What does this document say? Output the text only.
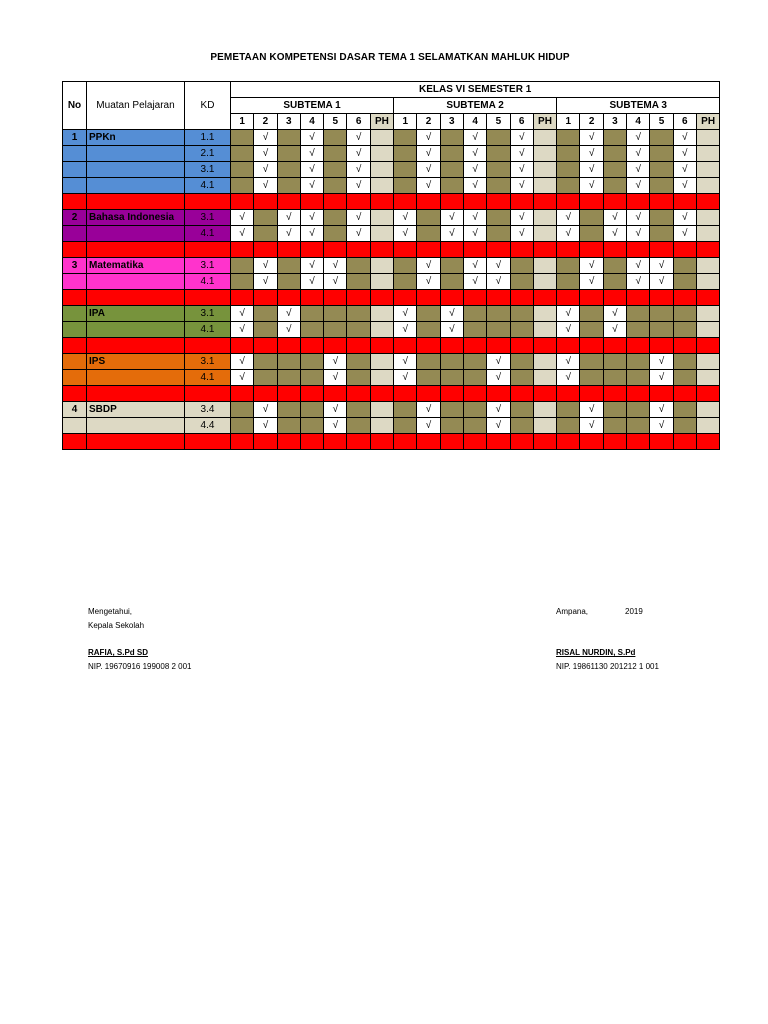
PEMETAAN KOMPETENSI DASAR TEMA 1 SELAMATKAN MAHLUK HIDUP
No	Muatan Pelajaran	KD	KELAS VI SEMESTER 1																				
			SUBTEMA 1							SUBTEMA 2							SUBTEMA 3						
			1	2	3	4	5	6	PH	1	2	3	4	5	6	PH	1	2	3	4	5	6	PH
1	PPKn	1.1		√		√		√			√		√		√			√		√		√	
		2.1		√		√		√			√		√		√			√		√		√	
		3.1		√		√		√			√		√		√			√		√		√	
		4.1		√		√		√			√		√		√			√		√		√	

2	Bahasa Indonesia	3.1	√		√	√		√		√		√	√		√		√		√	√		√	
		4.1	√		√	√		√		√		√	√		√		√		√	√		√	

3	Matematika	3.1		√		√	√				√		√	√				√		√	√		
		4.1		√		√	√				√		√	√				√		√	√		

	IPA	3.1	√		√					√		√					√		√				
		4.1	√		√					√		√					√		√				

	IPS	3.1	√				√			√				√			√				√		
		4.1	√				√			√				√			√				√		

4	SBDP	3.4		√			√				√			√				√			√		
		4.4		√			√				√			√				√			√		

Mengetahui,
Kepala Sekolah
RAFIA, S.Pd SD
NIP. 19670916 199008 2 001
Ampana,	2019
RISAL NURDIN, S.Pd
NIP. 19861130 201212 1 001
